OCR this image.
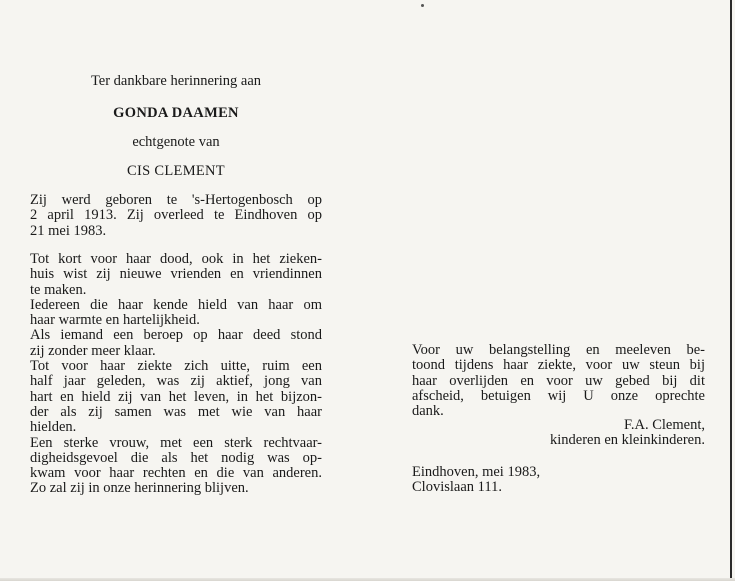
Ter dankbare herinnering aan

GONDA DAAMEN

echtgenote van

CIS CLEMENT

Zij werd geboren te 's-Hertogenbosch op
2 april 1913. Zij overleed te Eindhoven op
21 mei 1983.
Tot kort voor haar dood, ook in het zieken-
huis wist zij nieuwe vrienden en vriendinnen
te maken.
Iedereen die haar kende hield van haar om
haar warmte en hartelijkheid.
Als iemand een beroep op haar deed stond
zij zonder meer klaar.
Tot voor haar ziekte zich uitte, ruim een
half jaar geleden, was zij aktief, jong van
hart en hield zij van het leven, in het bijzon-
der als zij samen was met wie van haar
hielden.
Een sterke vrouw, met een sterk rechtvaar-
digheidsgevoel die als het nodig was op-
kwam voor haar rechten en die van anderen.
Zo zal zij in onze herinnering blijven.
Voor uw belangstelling en meeleven be-
toond tijdens haar ziekte, voor uw steun bij
haar overlijden en voor uw gebed bij dit
afscheid, betuigen wij U onze oprechte
dank.

F.A. Clement,

kinderen en kleinkinderen.

Eindhoven, mei 1983,

Clovislaan 111.
